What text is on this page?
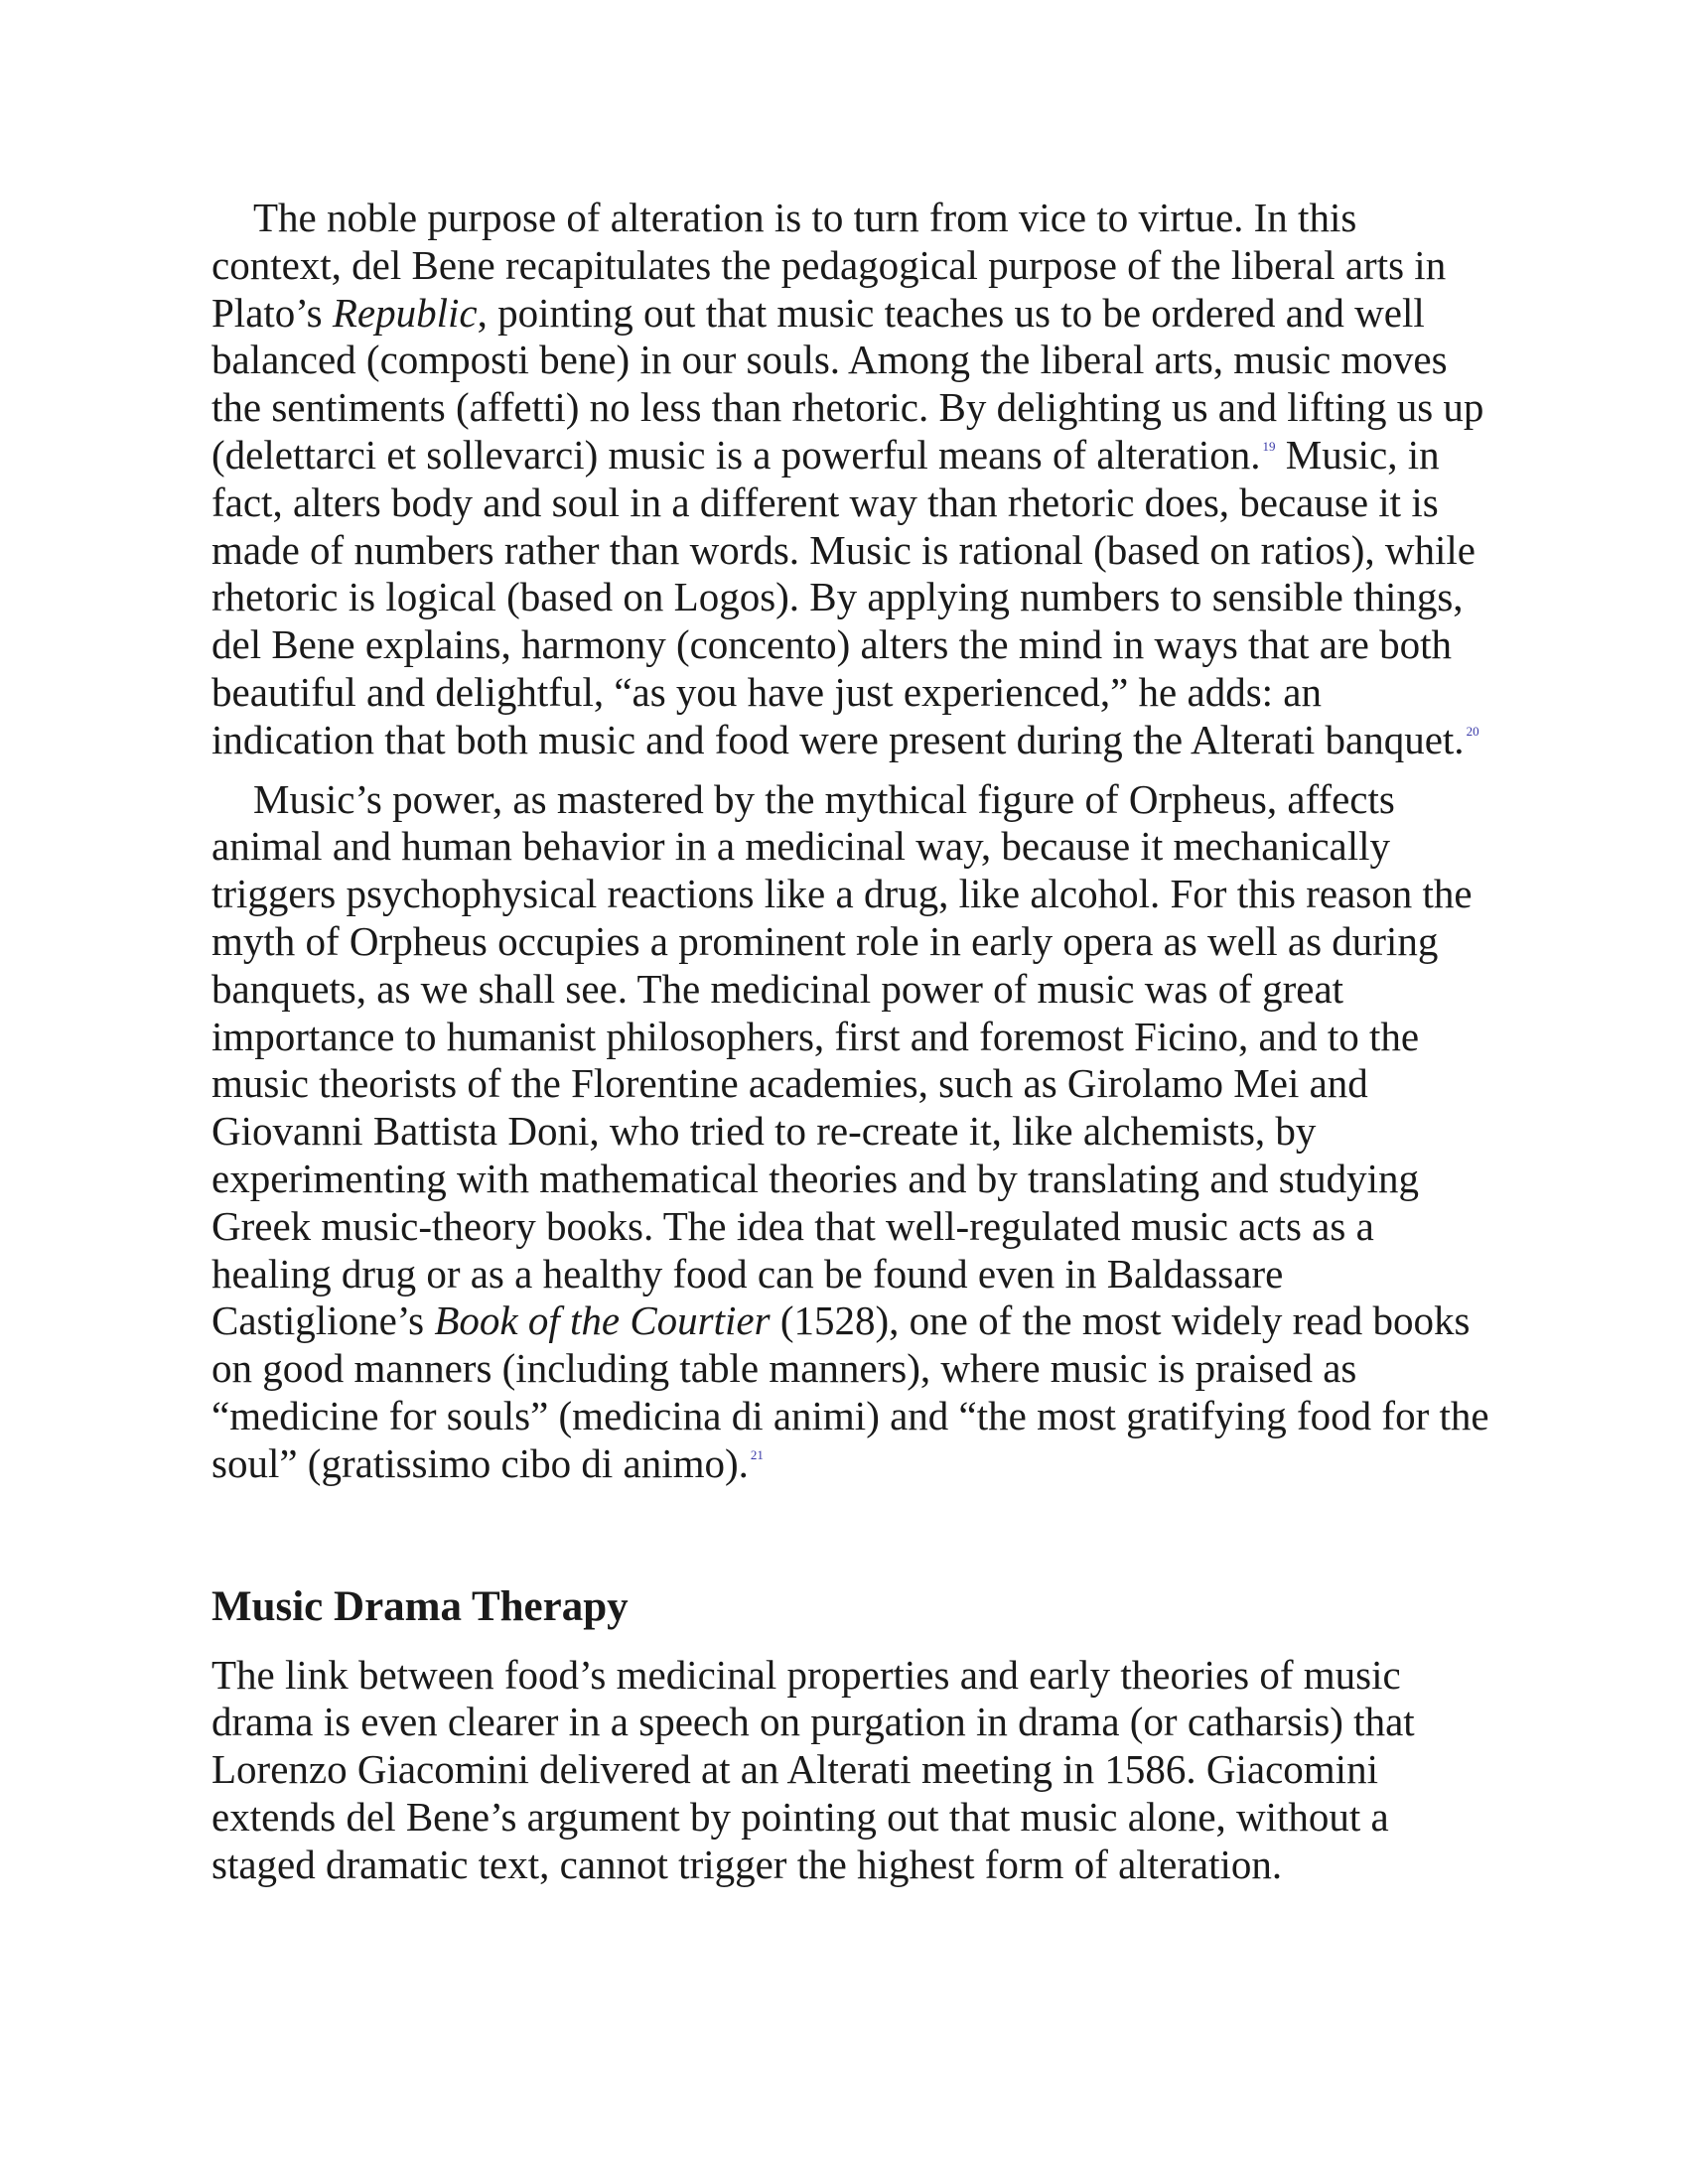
The noble purpose of alteration is to turn from vice to virtue. In this context, del Bene recapitulates the pedagogical purpose of the liberal arts in Plato’s Republic, pointing out that music teaches us to be ordered and well balanced (composti bene) in our souls. Among the liberal arts, music moves the sentiments (affetti) no less than rhetoric. By delighting us and lifting us up (delettarci et sollevarci) music is a powerful means of alteration. $^{19}$ Music, in fact, alters body and soul in a different way than rhetoric does, because it is made of numbers rather than words. Music is rational (based on ratios), while rhetoric is logical (based on Logos). By applying numbers to sensible things, del Bene explains, harmony (concento) alters the mind in ways that are both beautiful and delightful, “as you have just experienced,” he adds: an indication that both music and food were present during the Alterati banquet. $^{20}$

Music’s power, as mastered by the mythical figure of Orpheus, affects animal and human behavior in a medicinal way, because it mechanically triggers psychophysical reactions like a drug, like alcohol. For this reason the myth of Orpheus occupies a prominent role in early opera as well as during banquets, as we shall see. The medicinal power of music was of great importance to humanist philosophers, first and foremost Ficino, and to the music theorists of the Florentine academies, such as Girolamo Mei and Giovanni Battista Doni, who tried to re-create it, like alchemists, by experimenting with mathematical theories and by translating and studying Greek music-theory books. The idea that well-regulated music acts as a healing drug or as a healthy food can be found even in Baldassare Castiglione’s Book of the Courtier (1528), one of the most widely read books on good manners (including table manners), where music is praised as “medicine for souls” (medicina di animi) and “the most gratifying food for the soul” (gratissimo cibo di animo). $^{21}$

Music Drama Therapy

The link between food’s medicinal properties and early theories of music drama is even clearer in a speech on purgation in drama (or catharsis) that Lorenzo Giacomini delivered at an Alterati meeting in 1586. Giacomini extends del Bene’s argument by pointing out that music alone, without a staged dramatic text, cannot trigger the highest form of alteration.
